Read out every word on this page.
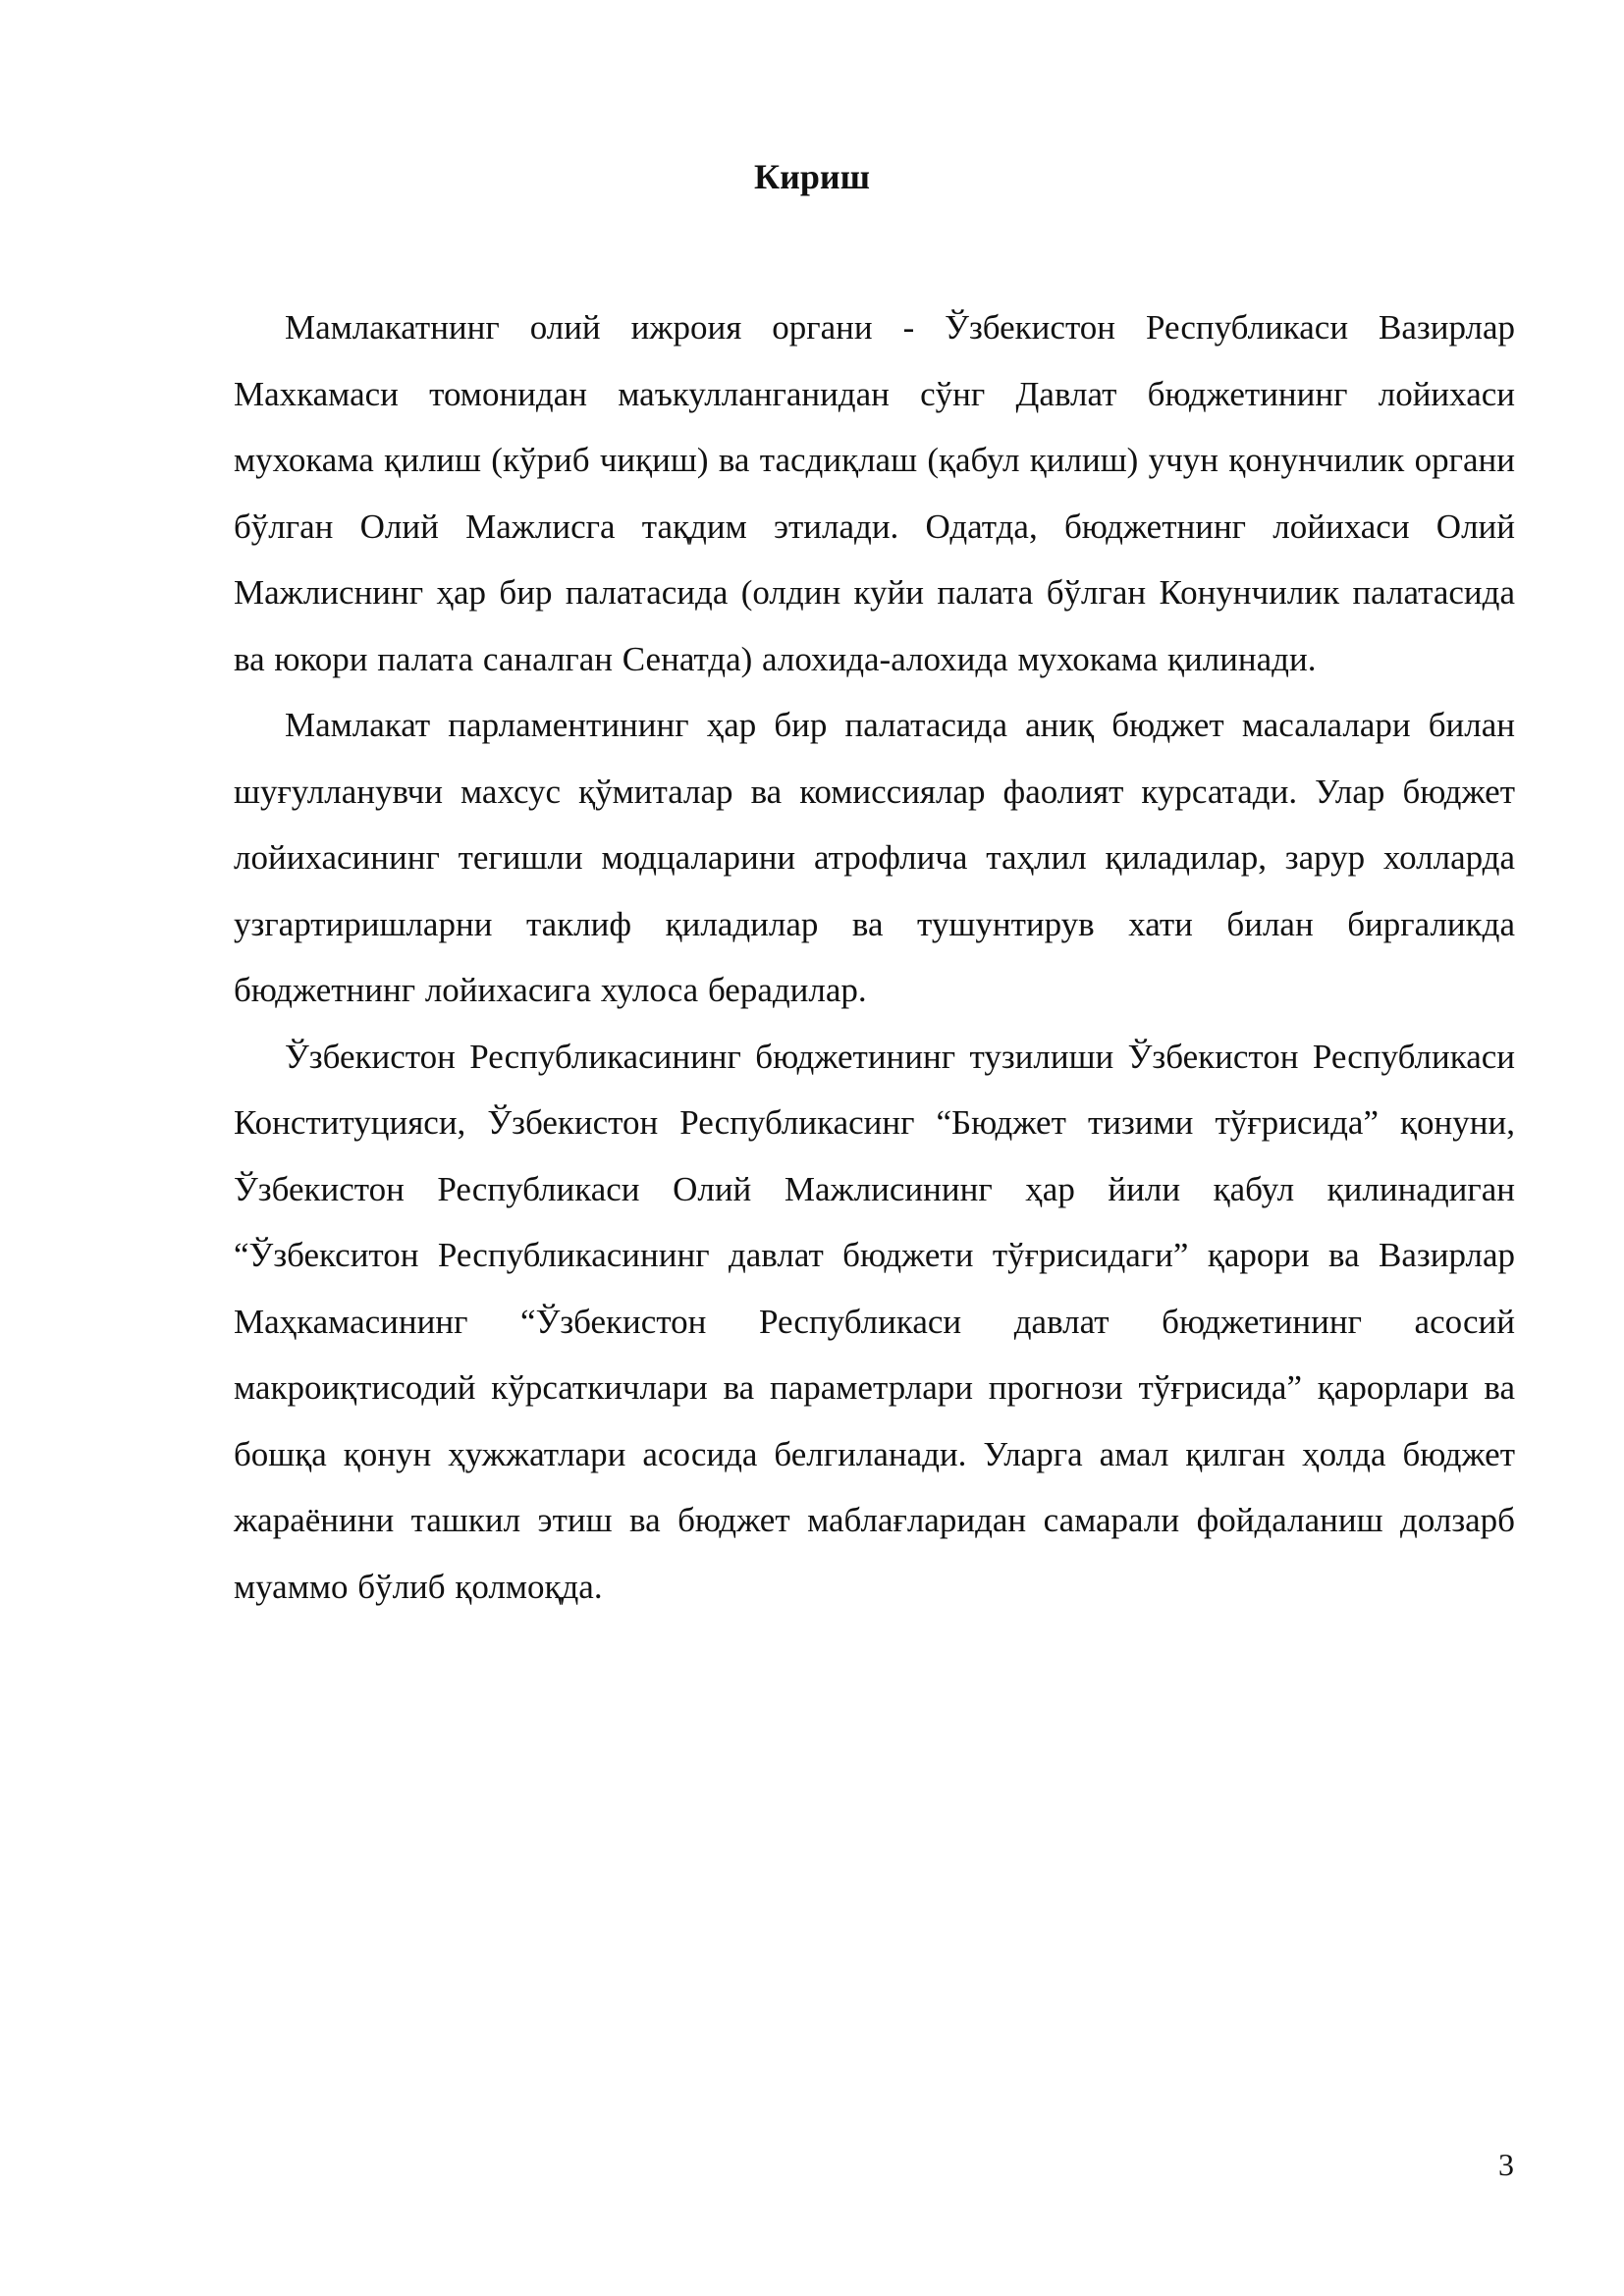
Кириш

Мамлакатнинг олий ижроия органи - Ўзбекистон Республикаси Вазирлар Махкамаси томонидан маъкулланганидан сўнг Давлат бюджетининг лойихаси мухокама қилиш (кўриб чиқиш) ва тасдиқлаш (қабул қилиш) учун қонунчилик органи бўлган Олий Мажлисга тақдим этилади. Одатда, бюджетнинг лойихаси Олий Мажлиснинг ҳар бир палатасида (олдин куйи палата бўлган Конунчилик палатасида ва юкори палата саналган Сенатда) алохида-алохида мухокама қилинади.

Мамлакат парламентининг ҳар бир палатасида аниқ бюджет масалалари билан шуғулланувчи махсус қўмиталар ва комиссиялар фаолият курсатади. Улар бюджет лойихасининг тегишли модцаларини атрофлича таҳлил қиладилар, зарур холларда узгартиришларни таклиф қиладилар ва тушунтирув хати билан биргаликда бюджетнинг лойихасига хулоса берадилар.

Ўзбекистон Республикасининг бюджетининг тузилиши Ўзбекистон Республикаси Конституцияси, Ўзбекистон Республикасинг “Бюджет тизими тўғрисида” қонуни, Ўзбекистон Республикаси Олий Мажлисининг ҳар йили қабул қилинадиган “Ўзбекситон Республикасининг давлат бюджети тўғрисидаги” қарори ва Вазирлар Маҳкамасининг “Ўзбекистон Республикаси давлат бюджетининг асосий макроиқтисодий кўрсаткичлари ва параметрлари прогнози тўғрисида” қарорлари ва бошқа қонун ҳужжатлари асосида белгиланади. Уларга амал қилган ҳолда бюджет жараёнини ташкил этиш ва бюджет маблағларидан самарали фойдаланиш долзарб муаммо бўлиб қолмоқда.

3
